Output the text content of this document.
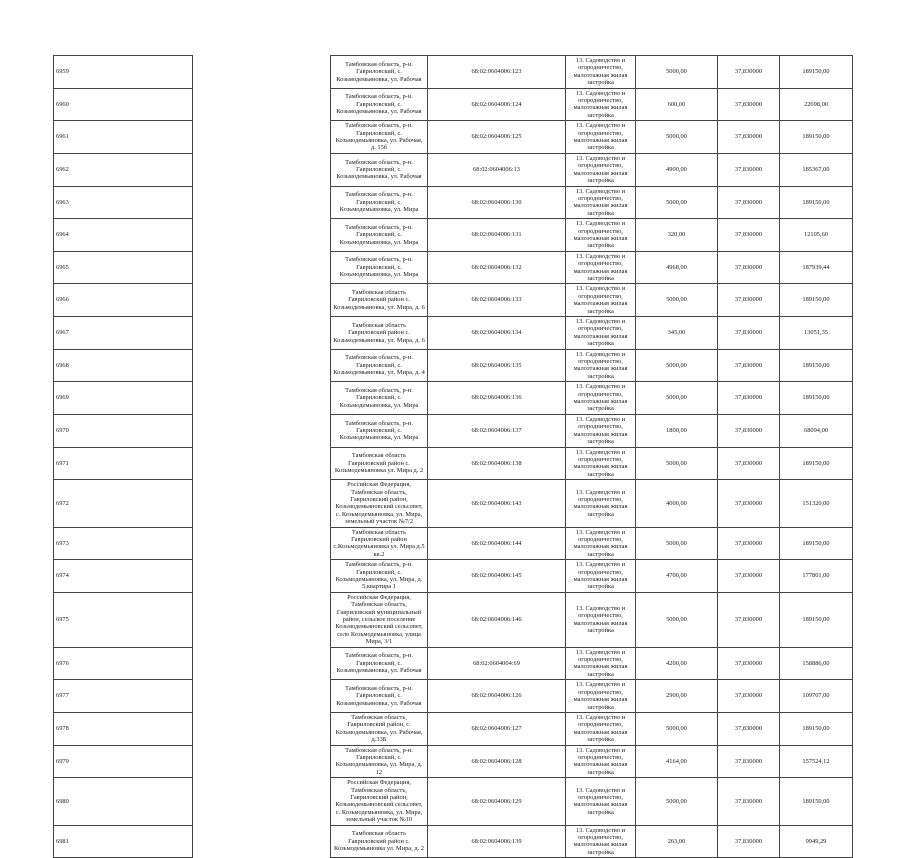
6959		Тамбовская область, р-н. Гавриловский, с. Козьмодемьяновка, ул. Рабочая	68:02:0604006:123	13. Садоводство и огородничество, малоэтажная жилая застройка	5000,00	37,830000	189150,00
6960		Тамбовская область, р-н. Гавриловский, с. Козьмодемьяновка, ул. Рабочая	68:02:0604006:124	13. Садоводство и огородничество, малоэтажная жилая застройка	600,00	37,830000	22698,00
6961		Тамбовская область, р-н. Гавриловский, с. Козьмодемьяновка, ул. Рабочая, д. 15б	68:02:0604006:125	13. Садоводство и огородничество, малоэтажная жилая застройка	5000,00	37,830000	189150,00
6962		Тамбовская область, р-н. Гавриловский, с. Козьмодемьяновка, ул. Рабочая	68:02:0604006:13	13. Садоводство и огородничество, малоэтажная жилая застройка	4900,00	37,830000	185367,00
6963		Тамбовская область, р-н. Гавриловский, с. Козьмодемьяновка, ул. Мира	68:02:0604006:130	13. Садоводство и огородничество, малоэтажная жилая застройка	5000,00	37,830000	189150,00
6964		Тамбовская область, р-н. Гавриловский, с. Козьмодемьяновка, ул. Мира	68:02:0604006:131	13. Садоводство и огородничество, малоэтажная жилая застройка	320,00	37,830000	12105,60
6965		Тамбовская область, р-н. Гавриловский, с. Козьмодемьяновка, ул. Мира	68:02:0604006:132	13. Садоводство и огородничество, малоэтажная жилая застройка	4968,00	37,830000	187939,44
6966		Тамбовская область Гавриловский район с. Козьмодемьяновка, ул. Мира, д. 6	68:02:0604006:133	13. Садоводство и огородничество, малоэтажная жилая застройка	5000,00	37,830000	189150,00
6967		Тамбовская область Гавриловский район с. Козьмодемьяновка, ул. Мира, д. 6	68:02:0604006:134	13. Садоводство и огородничество, малоэтажная жилая застройка	345,00	37,830000	13051,35
6968		Тамбовская область, р-н. Гавриловский, с. Козьмодемьяновка, ул. Мира, д. 4	68:02:0604006:135	13. Садоводство и огородничество, малоэтажная жилая застройка	5000,00	37,830000	189150,00
6969		Тамбовская область, р-н. Гавриловский, с. Козьмодемьяновка, ул. Мира	68:02:0604006:136	13. Садоводство и огородничество, малоэтажная жилая застройка	5000,00	37,830000	189150,00
6970		Тамбовская область, р-н. Гавриловский, с. Козьмодемьяновка, ул. Мира	68:02:0604006:137	13. Садоводство и огородничество, малоэтажная жилая застройка	1800,00	37,830000	68094,00
6971		Тамбовская область Гавриловский район с. Козьмодемьяновка ул. Мира д. 2	68:02:0604006:138	13. Садоводство и огородничество, малоэтажная жилая застройка	5000,00	37,830000	189150,00
6972		Российская Федерация, Тамбовская область, Гавриловский район, Козьмодемьяновский сельсовет, с. Козьмодемьяновка, ул. Мира, земельный участок №7/2	68:02:0604006:143	13. Садоводство и огородничество, малоэтажная жилая застройка	4000,00	37,830000	151320,00
6973		Тамбовская область Гавриловский район с.Козьмодемьяновка ул. Мира д.5 кв.2	68:02:0604006:144	13. Садоводство и огородничество, малоэтажная жилая застройка	5000,00	37,830000	189150,00
6974		Тамбовская область, р-н. Гавриловский, с. Козьмодемьяновка, ул. Мира, д. 5,квартира 1	68:02:0604006:145	13. Садоводство и огородничество, малоэтажная жилая застройка	4700,00	37,830000	177801,00
6975		Российская Федерация, Тамбовская область, Гавриловский муниципальный район, сельское поселение Козьмодемьяновский сельсовет, село Козьмодемьяновка, улица Мира, 3/1	68:02:0604006:146	13. Садоводство и огородничество, малоэтажная жилая застройка	5000,00	37,830000	189150,00
6976		Тамбовская область, р-н. Гавриловский, с. Козьмодемьяновка, ул. Рабочая	68:02:0604004:69	13. Садоводство и огородничество, малоэтажная жилая застройка	4200,00	37,830000	158886,00
6977		Тамбовская область, р-н. Гавриловский, с. Козьмодемьяновка, ул. Рабочая	68:02:0604006:126	13. Садоводство и огородничество, малоэтажная жилая застройка	2900,00	37,830000	109707,00
6978		Тамбовская область, Гавриловский район, с. Козьмодемьяновка, ул. Рабочая, д.33Б	68:02:0604006:127	13. Садоводство и огородничество, малоэтажная жилая застройка	5000,00	37,830000	189150,00
6979		Тамбовская область, р-н. Гавриловский, с. Козьмодемьяновка, ул. Мира, д. 12	68:02:0604006:128	13. Садоводство и огородничество, малоэтажная жилая застройка	4164,00	37,830000	157524,12
6980		Российская Федерация, Тамбовская область, Гавриловский район, Козьмодемьяновский сельсовет, с. Козьмодемьяновка, ул. Мира, земельный участок №10	68:02:0604006:129	13. Садоводство и огородничество, малоэтажная жилая застройка	5000,00	37,830000	189150,00
6981		Тамбовская область Гавриловский район с. Козьмодемьяновка ул. Мира, д. 2	68:02:0604006:139	13. Садоводство и огородничество, малоэтажная жилая застройка	263,00	37,830000	9949,29
